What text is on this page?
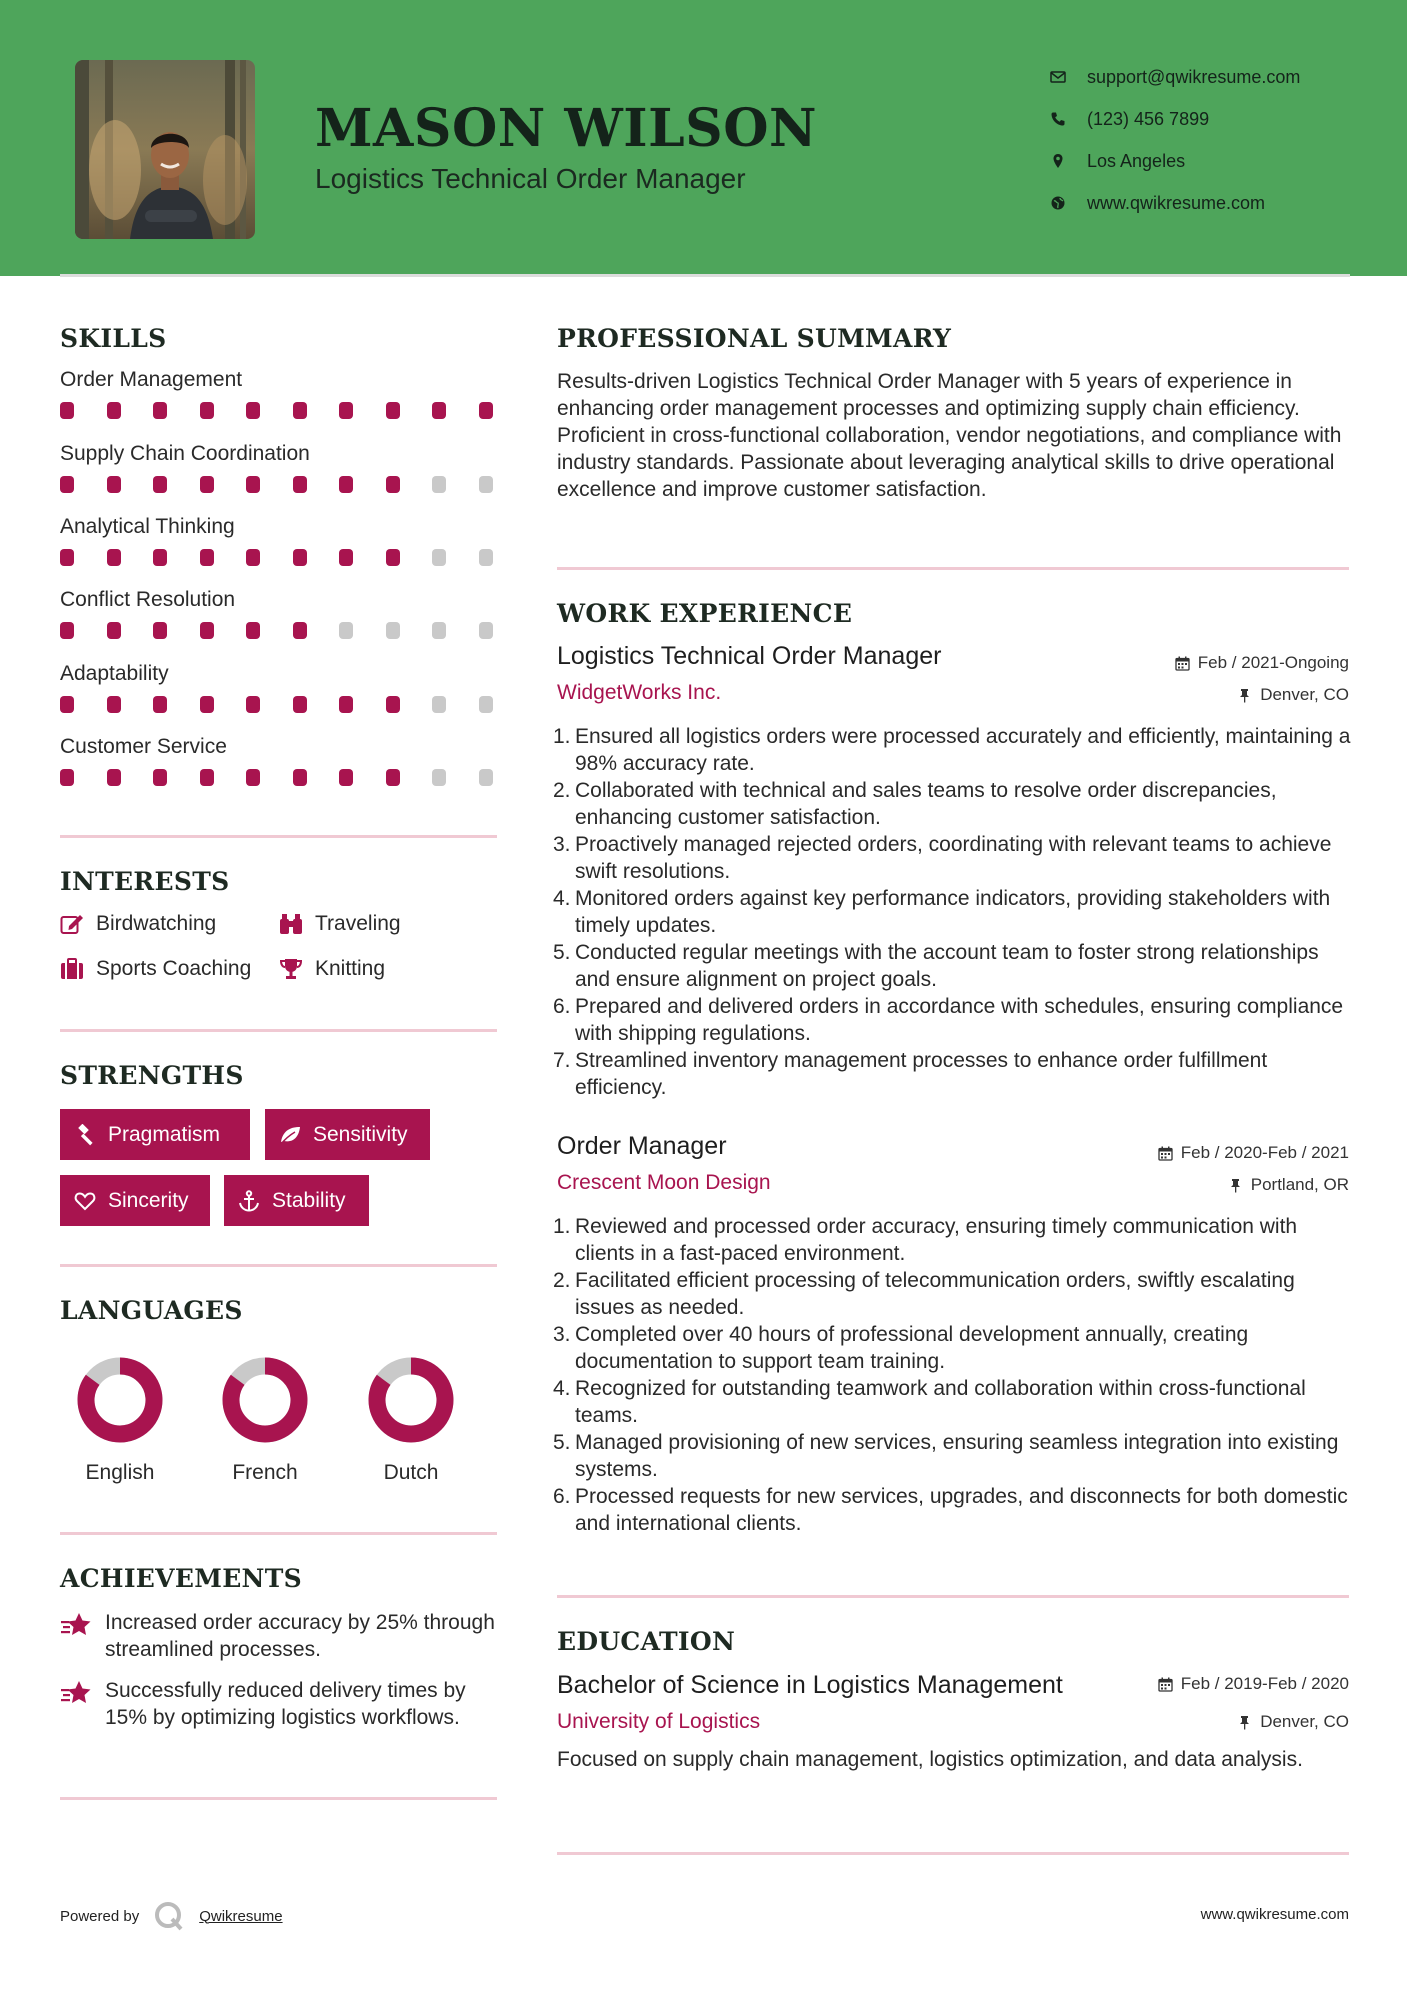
MASON WILSON
Logistics Technical Order Manager
support@qwikresume.com
(123) 456 7899
Los Angeles
www.qwikresume.com
SKILLS
Order Management
Supply Chain Coordination
Analytical Thinking
Conflict Resolution
Adaptability
Customer Service
INTERESTS
Birdwatching	Traveling
Sports Coaching	Knitting
STRENGTHS
Pragmatism	Sensitivity
Sincerity	Stability
LANGUAGES
English	French	Dutch
ACHIEVEMENTS
Increased order accuracy by 25% through streamlined processes.
Successfully reduced delivery times by 15% by optimizing logistics workflows.
PROFESSIONAL SUMMARY
Results-driven Logistics Technical Order Manager with 5 years of experience in enhancing order management processes and optimizing supply chain efficiency. Proficient in cross-functional collaboration, vendor negotiations, and compliance with industry standards. Passionate about leveraging analytical skills to drive operational excellence and improve customer satisfaction.
WORK EXPERIENCE
Logistics Technical Order Manager	Feb / 2021-Ongoing
WidgetWorks Inc.	Denver, CO
1. Ensured all logistics orders were processed accurately and efficiently, maintaining a 98% accuracy rate.
2. Collaborated with technical and sales teams to resolve order discrepancies, enhancing customer satisfaction.
3. Proactively managed rejected orders, coordinating with relevant teams to achieve swift resolutions.
4. Monitored orders against key performance indicators, providing stakeholders with timely updates.
5. Conducted regular meetings with the account team to foster strong relationships and ensure alignment on project goals.
6. Prepared and delivered orders in accordance with schedules, ensuring compliance with shipping regulations.
7. Streamlined inventory management processes to enhance order fulfillment efficiency.
Order Manager	Feb / 2020-Feb / 2021
Crescent Moon Design	Portland, OR
1. Reviewed and processed order accuracy, ensuring timely communication with clients in a fast-paced environment.
2. Facilitated efficient processing of telecommunication orders, swiftly escalating issues as needed.
3. Completed over 40 hours of professional development annually, creating documentation to support team training.
4. Recognized for outstanding teamwork and collaboration within cross-functional teams.
5. Managed provisioning of new services, ensuring seamless integration into existing systems.
6. Processed requests for new services, upgrades, and disconnects for both domestic and international clients.
EDUCATION
Bachelor of Science in Logistics Management	Feb / 2019-Feb / 2020
University of Logistics	Denver, CO
Focused on supply chain management, logistics optimization, and data analysis.
Powered by	Qwikresume	www.qwikresume.com
